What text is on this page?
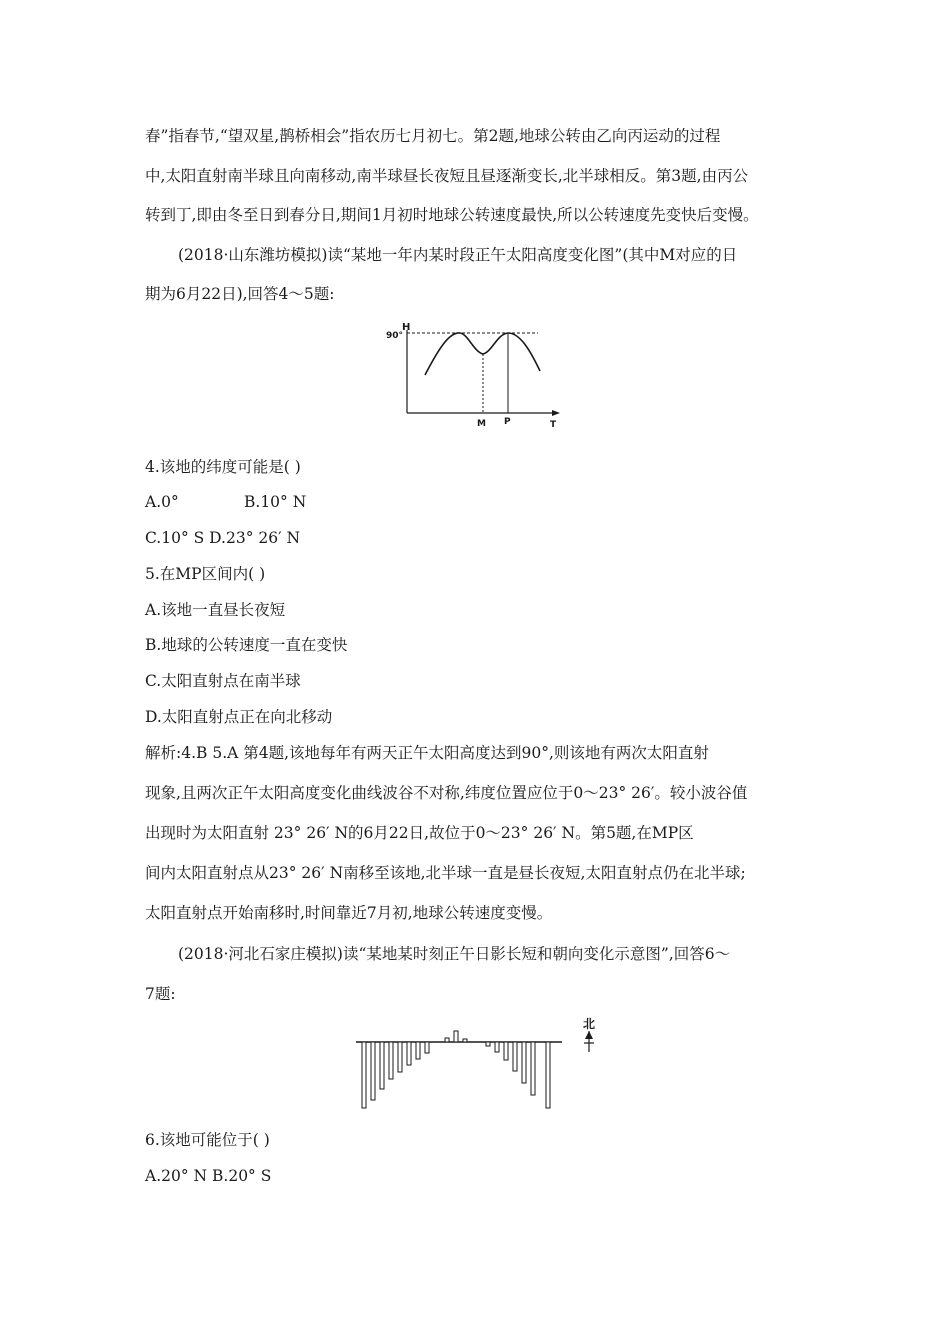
春”指春节,“望双星,鹊桥相会”指农历七月初七。第2题,地球公转由乙向丙运动的过程

中,太阳直射南半球且向南移动,南半球昼长夜短且昼逐渐变长,北半球相反。第3题,由丙公

转到丁,即由冬至日到春分日,期间1月初时地球公转速度最快,所以公转速度先变快后变慢。

(2018·山东潍坊模拟)读“某地一年内某时段正午太阳高度变化图”(其中M对应的日

期为6月22日),回答4～5题:

H
90°
M P	T

4.该地的纬度可能是( )

A.0°	B.10° N

C.10° S D.23° 26′ N

5.在MP区间内( )

A.该地一直昼长夜短

B.地球的公转速度一直在变快

C.太阳直射点在南半球

D.太阳直射点正在向北移动

解析:4.B 5.A 第4题,该地每年有两天正午太阳高度达到90°,则该地有两次太阳直射

现象,且两次正午太阳高度变化曲线波谷不对称,纬度位置应位于0～23° 26′。较小波谷值

出现时为太阳直射 23° 26′ N的6月22日,故位于0～23° 26′ N。第5题,在MP区

间内太阳直射点从23° 26′ N南移至该地,北半球一直是昼长夜短,太阳直射点仍在北半球;

太阳直射点开始南移时,时间靠近7月初,地球公转速度变慢。

(2018·河北石家庄模拟)读“某地某时刻正午日影长短和朝向变化示意图”,回答6～

7题:

北

6.该地可能位于( )

A.20° N B.20° S
